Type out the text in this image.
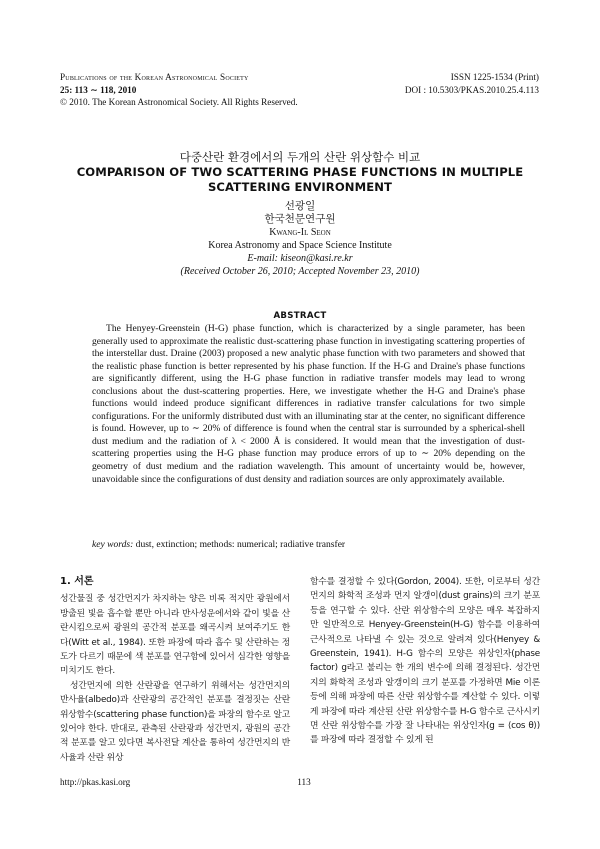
Publications of the Korean Astronomical Society
25: 113 ∼ 118, 2010
© 2010. The Korean Astronomical Society. All Rights Reserved.
ISSN 1225-1534 (Print)
DOI : 10.5303/PKAS.2010.25.4.113
다중산란 환경에서의 두개의 산란 위상함수 비교
COMPARISON OF TWO SCATTERING PHASE FUNCTIONS IN MULTIPLE
SCATTERING ENVIRONMENT
선광일
한국천문연구원
Kwang-Il Seon
Korea Astronomy and Space Science Institute
E-mail: kiseon@kasi.re.kr
(Received October 26, 2010; Accepted November 23, 2010)
ABSTRACT

The Henyey-Greenstein (H-G) phase function, which is characterized by a single parameter, has been generally used to approximate the realistic dust-scattering phase function in investigating scattering properties of the interstellar dust. Draine (2003) proposed a new analytic phase function with two parameters and showed that the realistic phase function is better represented by his phase function. If the H-G and Draine's phase functions are significantly different, using the H-G phase function in radiative transfer models may lead to wrong conclusions about the dust-scattering properties. Here, we investigate whether the H-G and Draine's phase functions would indeed produce significant differences in radiative transfer calculations for two simple configurations. For the uniformly distributed dust with an illuminating star at the center, no significant difference is found. However, up to ∼ 20% of difference is found when the central star is surrounded by a spherical-shell dust medium and the radiation of λ < 2000 Å is considered. It would mean that the investigation of dust-scattering properties using the H-G phase function may produce errors of up to ∼ 20% depending on the geometry of dust medium and the radiation wavelength. This amount of uncertainty would be, however, unavoidable since the configurations of dust density and radiation sources are only approximately available.

key words: dust, extinction; methods: numerical; radiative transfer
1. 서론

성간물질 중 성간먼지가 차지하는 양은 비록 적지만 광원에서 방출된 빛을 흡수할 뿐만 아니라 반사성운에서와 같이 빛을 산란시킴으로써 광원의 공간적 분포를 왜곡시켜 보여주기도 한다(Witt et al., 1984). 또한 파장에 따라 흡수 및 산란하는 정도가 다르기 때문에 색 분포를 연구함에 있어서 심각한 영향을 미치기도 한다.

성간먼지에 의한 산란광을 연구하기 위해서는 성간먼지의 반사율(albedo)과 산란광의 공간적인 분포를 결정짓는 산란 위상함수(scattering phase function)을 파장의 함수로 알고 있어야 한다. 반대로, 관측된 산란광과 성간먼지, 광원의 공간적 분포를 알고 있다면 복사전달 계산을 통하여 성간먼지의 반사율과 산란 위상

함수를 결정할 수 있다(Gordon, 2004). 또한, 이로부터 성간먼지의 화학적 조성과 먼지 알갱이(dust grains)의 크기 분포 등을 연구할 수 있다. 산란 위상함수의 모양은 매우 복잡하지만 일반적으로 Henyey-Greenstein(H-G) 함수를 이용하여 근사적으로 나타낼 수 있는 것으로 알려져 있다(Henyey & Greenstein, 1941). H-G 함수의 모양은 위상인자(phase factor) g라고 불리는 한 개의 변수에 의해 결정된다. 성간먼지의 화학적 조성과 알갱이의 크기 분포를 가정하면 Mie 이론 등에 의해 파장에 따른 산란 위상함수를 계산할 수 있다. 이렇게 파장에 따라 계산된 산란 위상함수를 H-G 함수로 근사시키면 산란 위상함수를 가장 잘 나타내는 위상인자(g = ⟨cos θ⟩)를 파장에 따라 결정할 수 있게 된

http://pkas.kasi.org	113
